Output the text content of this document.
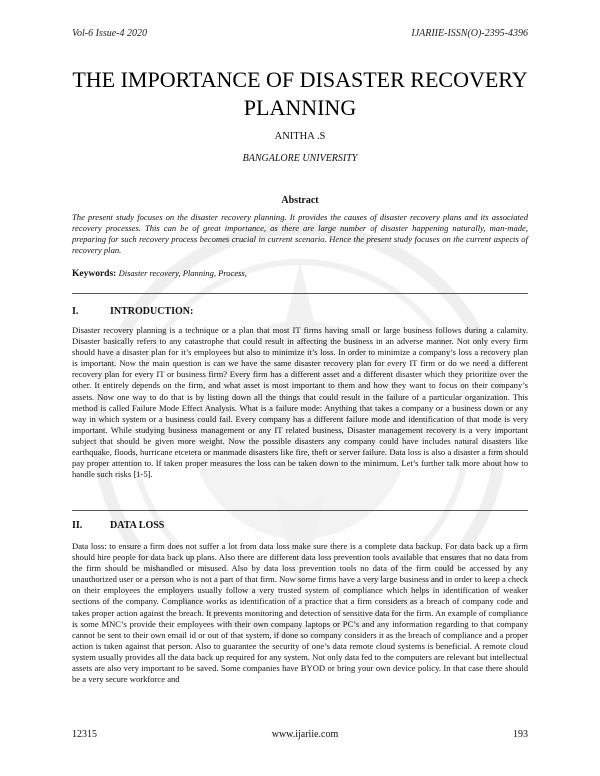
Vol-6 Issue-4 2020	IJARIIE-ISSN(O)-2395-4396
THE IMPORTANCE OF DISASTER RECOVERY PLANNING
ANITHA .S
BANGALORE UNIVERSITY
Abstract

The present study focuses on the disaster recovery planning. It provides the causes of disaster recovery plans and its associated recovery processes. This can be of great importance, as there are large number of disaster happening naturally, man-made, preparing for such recovery process becomes crucial in current scenario. Hence the present study focuses on the current aspects of recovery plan.

Keywords: Disaster recovery, Planning, Process,
I.	INTRODUCTION:

Disaster recovery planning is a technique or a plan that most IT firms having small or large business follows during a calamity. Disaster basically refers to any catastrophe that could result in affecting the business in an adverse manner. Not only every firm should have a disaster plan for it’s employees but also to minimize it’s loss. In order to minimize a company’s loss a recovery plan is important. Now the main question is can we have the same disaster recovery plan for every IT firm or do we need a different recovery plan for every IT or business firm? Every firm has a different asset and a different disaster which they prioritize over the other. It entirely depends on the firm, and what asset is most important to them and how they want to focus on their company’s assets. Now one way to do that is by listing down all the things that could result in the failure of a particular organization. This method is called Failure Mode Effect Analysis. What is a failure mode: Anything that takes a company or a business down or any way in which system or a business could fail. Every company has a different failure mode and identification of that mode is very important. While studying business management or any IT related business, Disaster management recovery is a very important subject that should be given more weight. Now the possible disasters any company could have includes natural disasters like earthquake, floods, hurricane etcetera or manmade disasters like fire, theft or server failure. Data loss is also a disaster a firm should pay proper attention to. If taken proper measures the loss can be taken down to the minimum. Let’s further talk more about how to handle such risks [1-5].

II.	DATA LOSS

Data loss: to ensure a firm does not suffer a lot from data loss make sure there is a complete data backup. For data back up a firm should hire people for data back up plans. Also there are different data loss prevention tools available that ensures that no data from the firm should be mishandled or misused. Also by data loss prevention tools no data of the firm could be accessed by any unauthorized user or a person who is not a part of that firm. Now some firms have a very large business and in order to keep a check on their employees the employers usually follow a very trusted system of compliance which helps in identification of weaker sections of the company. Compliance works as identification of a practice that a firm considers as a breach of company code and takes proper action against the breach. It prevents monitoring and detection of sensitive data for the firm. An example of compliance is some MNC’s provide their employees with their own company laptops or PC’s and any information regarding to that company cannot be sent to their own email id or out of that system, if done so company considers it as the breach of compliance and a proper action is taken against that person. Also to guarantee the security of one’s data remote cloud systems is beneficial. A remote cloud system usually provides all the data back up required for any system. Not only data fed to the computers are relevant but intellectual assets are also very important to be saved. Some companies have BYOD or bring your own device policy. In that case there should be a very secure workforce and

12315	www.ijariie.com	193
